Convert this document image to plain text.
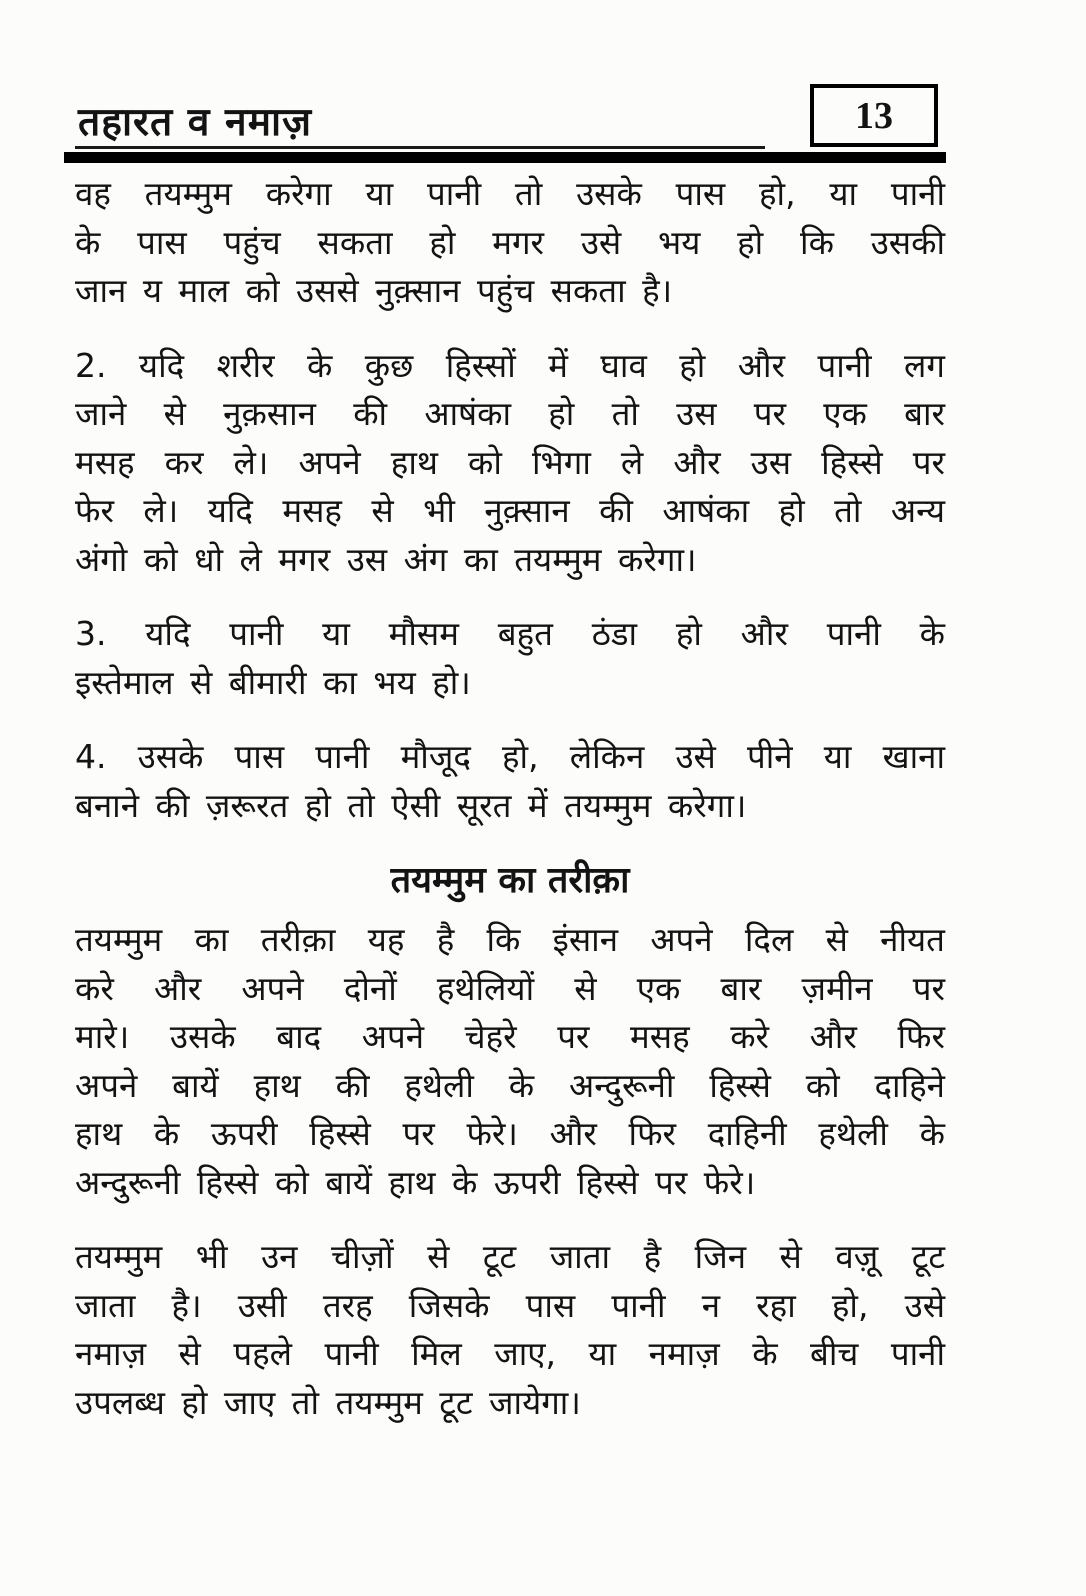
तहारत व नमाज़	13
वह तयम्मुम करेगा या पानी तो उसके पास हो, या पानी
के पास पहुंच सकता हो मगर उसे भय हो कि उसकी
जान य माल को उससे नुक़्सान पहुंच सकता है।
2. यदि शरीर के कुछ हिस्सों में घाव हो और पानी लग
जाने से नुक़सान की आषंका हो तो उस पर एक बार
मसह कर ले। अपने हाथ को भिगा ले और उस हिस्से पर
फेर ले। यदि मसह से भी नुक़्सान की आषंका हो तो अन्य
अंगो को धो ले मगर उस अंग का तयम्मुम करेगा।
3. यदि पानी या मौसम बहुत ठंडा हो और पानी के
इस्तेमाल से बीमारी का भय हो।
4. उसके पास पानी मौजूद हो, लेकिन उसे पीने या खाना
बनाने की ज़रूरत हो तो ऐसी सूरत में तयम्मुम करेगा।
तयम्मुम का तरीक़ा
तयम्मुम का तरीक़ा यह है कि इंसान अपने दिल से नीयत
करे और अपने दोनों हथेलियों से एक बार ज़मीन पर
मारे। उसके बाद अपने चेहरे पर मसह करे और फिर
अपने बायें हाथ की हथेली के अन्दुरूनी हिस्से को दाहिने
हाथ के ऊपरी हिस्से पर फेरे। और फिर दाहिनी हथेली के
अन्दुरूनी हिस्से को बायें हाथ के ऊपरी हिस्से पर फेरे।
तयम्मुम भी उन चीज़ों से टूट जाता है जिन से वज़ू टूट
जाता है। उसी तरह जिसके पास पानी न रहा हो, उसे
नमाज़ से पहले पानी मिल जाए, या नमाज़ के बीच पानी
उपलब्ध हो जाए तो तयम्मुम टूट जायेगा।
